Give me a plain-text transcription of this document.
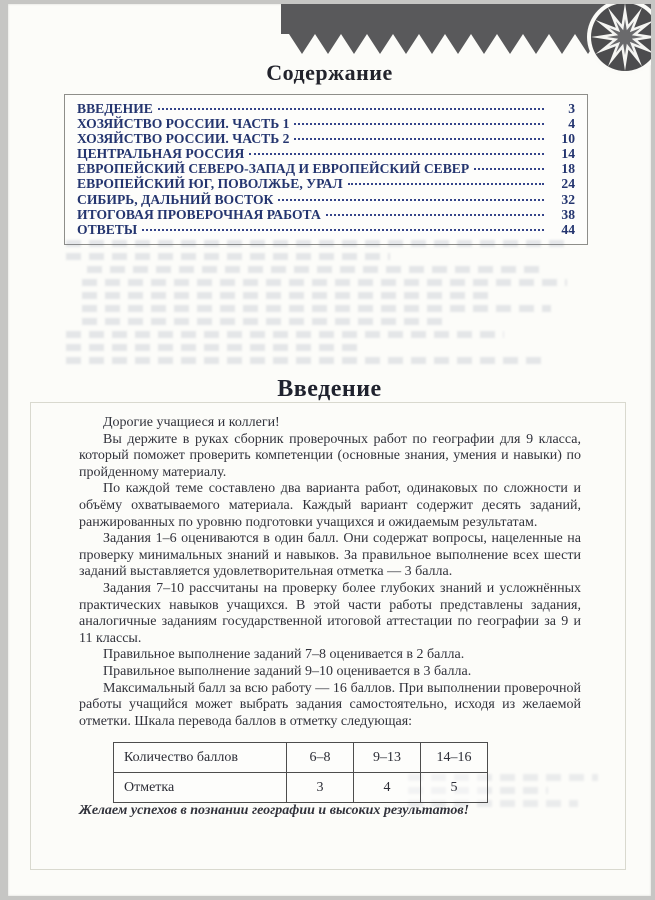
Содержание
ВВЕДЕНИЕ	3
ХОЗЯЙСТВО РОССИИ. ЧАСТЬ 1	4
ХОЗЯЙСТВО РОССИИ. ЧАСТЬ 2	10
ЦЕНТРАЛЬНАЯ РОССИЯ	14
ЕВРОПЕЙСКИЙ СЕВЕРО-ЗАПАД И ЕВРОПЕЙСКИЙ СЕВЕР	18
ЕВРОПЕЙСКИЙ ЮГ, ПОВОЛЖЬЕ, УРАЛ	24
СИБИРЬ, ДАЛЬНИЙ ВОСТОК	32
ИТОГОВАЯ ПРОВЕРОЧНАЯ РАБОТА	38
ОТВЕТЫ	44
Введение

Дорогие учащиеся и коллеги!

Вы держите в руках сборник проверочных работ по географии для 9 класса, который поможет проверить компетенции (основные знания, умения и навыки) по пройденному материалу.

По каждой теме составлено два варианта работ, одинаковых по сложности и объёму охватываемого материала. Каждый вариант содержит десять заданий, ранжированных по уровню подготовки учащихся и ожидаемым результатам.

Задания 1–6 оцениваются в один балл. Они содержат вопросы, нацеленные на проверку минимальных знаний и навыков. За правильное выполнение всех шести заданий выставляется удовлетворительная отметка — 3 балла.

Задания 7–10 рассчитаны на проверку более глубоких знаний и усложнённых практических навыков учащихся. В этой части работы представлены задания, аналогичные заданиям государственной итоговой аттестации по географии за 9 и 11 классы.

Правильное выполнение заданий 7–8 оценивается в 2 балла.

Правильное выполнение заданий 9–10 оценивается в 3 балла.

Максимальный балл за всю работу — 16 баллов. При выполнении проверочной работы учащийся может выбрать задания самостоятельно, исходя из желаемой отметки. Шкала перевода баллов в отметку следующая:

Количество баллов	6–8	9–13	14–16
Отметка	3	4	5

Желаем успехов в познании географии и высоких результатов!
